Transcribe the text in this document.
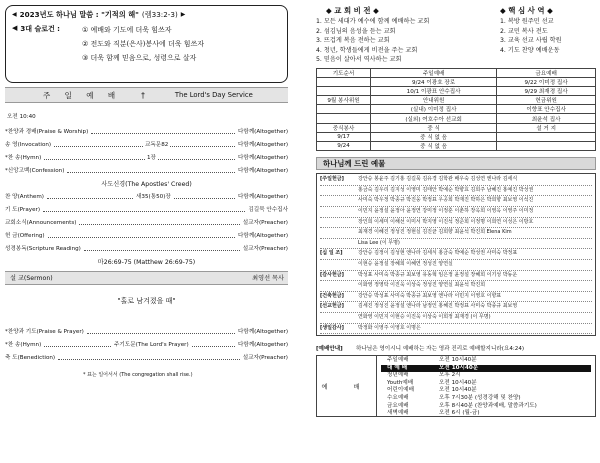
◀ 2023년도 하나님 말씀 : "기적의 해" (렘33:2-3) ▶
◀ 3대 슬로건 :	① 예배와 기도에 더욱 힘쓰자
② 전도와 직분(은사)봉사에 더욱 힘쓰자
③ 더욱 함께 믿음으로, 성령으로 살자
주 일 예 배	†	The Lord's Day Service
오전 10:40
*찬양과 경배(Praise & Worship)	다함께(Altogether)
송 영(Invocation)	교독문82	다함께(Altogether)
*찬 송(Hymn)	1장	다함께(Altogether)
*신앙고백(Confession)	다함께(Altogether)
사도신경(The Apostles' Creed)
찬 양(Anthem)	새35(통50)장	다함께(Altogether)
기 도(Prayer)	김길묵 안수집사
교회소식(Announcements)	설교자(Preacher)
헌 금(Offering)	다함께(Altogether)
성경봉독(Scripture Reading)	설교자(Preacher)
마26:69-75 (Matthew 26:69-75)
설 교(Sermon)	최영선 목사
"홀로 남겨졌을 때"
*찬양과 기도(Praise & Prayer)	다함께(Altogether)
*찬 송(Hymn)	주기도문(The Lord's Prayer)	다함께(Altogether)
축 도(Benediction)	설교자(Preacher)
* 표는 일어서서 (The congregation shall rise.)
◆ 교 회 비 전 ◆
1. 모든 세대가 예수에 함께 예배하는 교회
2. 섬김님의 음성을 듣는 교회
3. 뜨겁게 복음 전하는 교회
4. 청년, 학생들에게 비전을 주는 교회
5. 믿음이 살아서 역사하는 교회
◆ 핵 심 사 역 ◆
1. 복방 원주민 선교
2. 교민 복사 전도
3. 교육 선교 사립 학원
4. 기도 찬양 예배운동
기도순서	주일예배	금요예배
	9/24 이광호 장로	9/22 이미정 집사
	10/1 이광표 안수집사	9/29 최재경 집사
9월 봉사위원	안내위원	헌금위원
	(실내) 이미정 집사	이향표 안수집사
	(실외) 여호수아 선교회	최윤석 집사
중식봉사	중 식	설 거 지
9/17	중 식 없 음	
9/24	중 식 없 음	
하나님께 드린 예물
[주일헌금]	강안승 봉윤주 김기홍 김길묵 김유경 김학관 배우숙 김성연 엔나라 김세식
홍금숙 김우리 김지성 이영미 김태안 박예순 박향효 김희주 남혜진 홍예진 박성권
사미숙 박우정 박종규 박진웅 박정표 우공희 박재진 박하은 박희향 최보영 이석진
이민지 윤정설 윤정아 윤정연 강미정 이정훈 이춘하 장옥희 이영옥 이영주 이미정
장인희 이세미 이해선 이미서 박지영 이진석 정준희 이정명 이희연 이성은 이방호
최재경 이혜진 정성진 정현실 김진균 김희향 최윤석 박진희 Elena Kim
Lisa Lee (이 무명)
[십 일 조]	강안승 김정이 김성현 엔나라 김세식 홍금숙 박예순 박성권 사미숙 박정표
이현승 윤정설 장혜희 이혜연 정성진 양연실
[감사헌금]	박성표 사미숙 박종규 최보영 유동혁 임은정 윤정설 장혜희 이기성 박동운
이화영 정영탁 이진욱 이상숙 정성진 양연실 최윤석 박진희
[건축헌금]	강안승 박성표 사미숙 박종규 최보영 엔나라 이민지 이영호 이향표
[선교헌금]	김세진 정성진 윤정설 엔나라 남정인 홍혜진 박정표 사미숙 박종규 최보영
연화영 이민지 이현승 이진욱 이상숙 이희정 최재경 (이 무명)
[생일감사]	박정화 이영주 이영호 이명은
[예배안내]	하나님은 영이시니 예배하는 자는 영과 진리로 예배할지니라(요4:24)
예 배
주일예배	오전 10시40분
대 예 배	오전 10시40분
청년예배	오후 2시
Youth예배	오전 10시40분
어린이예배	오전 10시40분
수요예배	오후 7시30분 (성경강해 및 찬양)
금요예배	오후 8시40분 (찬양과예배, 말씀과기도)
새벽예배	오전 6시 (월-금)
